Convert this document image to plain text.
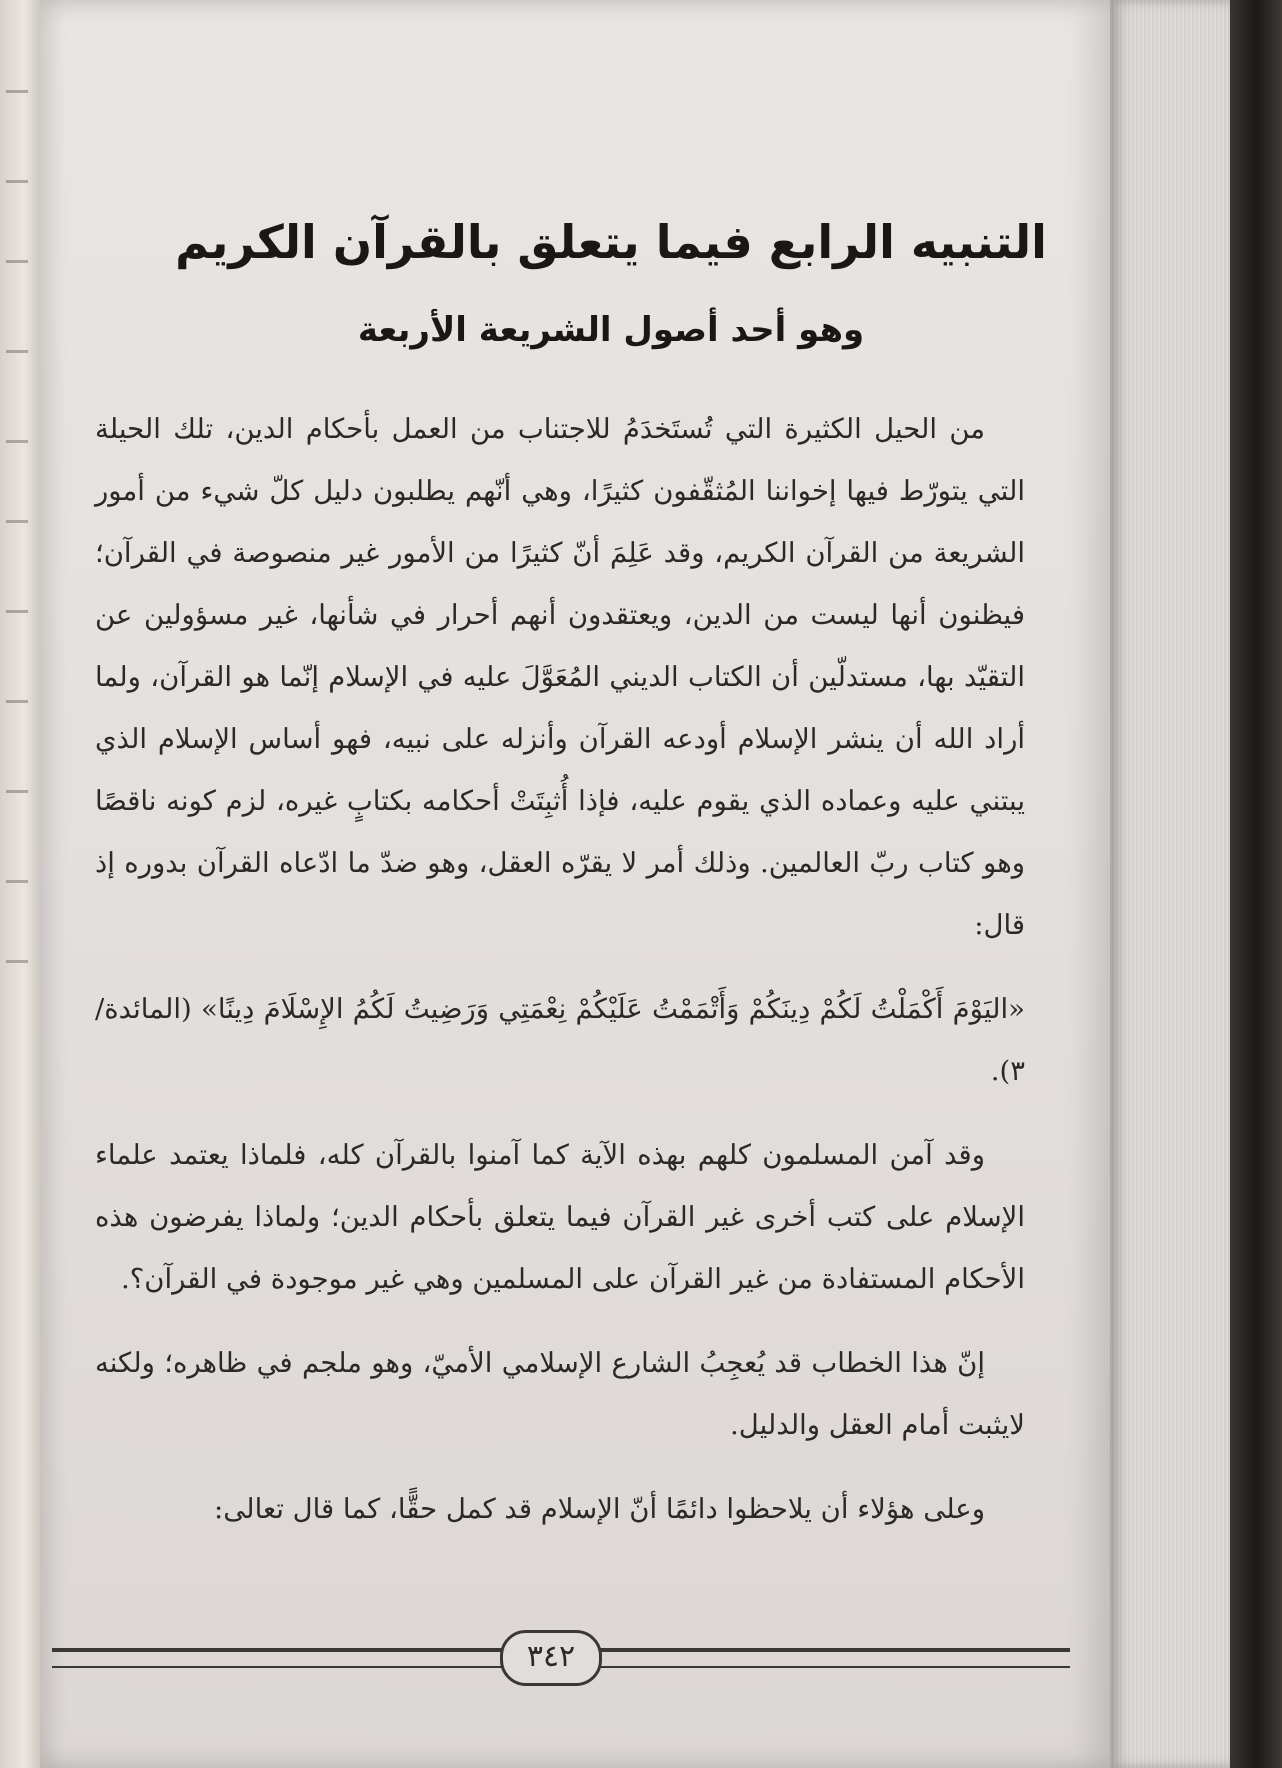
التنبيه الرابع فيما يتعلق بالقرآن الكريم
وهو أحد أصول الشريعة الأربعة

من الحيل الكثيرة التي تُستَخدَمُ للاجتناب من العمل بأحكام الدين، تلك الحيلة التي يتورّط فيها إخواننا المُثقّفون كثيرًا، وهي أنّهم يطلبون دليل كلّ شيء من أمور الشريعة من القرآن الكريم، وقد عَلِمَ أنّ كثيرًا من الأمور غير منصوصة في القرآن؛ فيظنون أنها ليست من الدين، ويعتقدون أنهم أحرار في شأنها، غير مسؤولين عن التقيّد بها، مستدلّين أن الكتاب الديني المُعَوَّلَ عليه في الإسلام إنّما هو القرآن، ولما أراد الله أن ينشر الإسلام أودعه القرآن وأنزله على نبيه، فهو أساس الإسلام الذي يبتني عليه وعماده الذي يقوم عليه، فإذا أُثبِتَتْ أحكامه بكتابٍ غيره، لزم كونه ناقصًا وهو كتاب ربّ العالمين. وذلك أمر لا يقرّه العقل، وهو ضدّ ما ادّعاه القرآن بدوره إذ قال:

«اليَوْمَ أَكْمَلْتُ لَكُمْ دِينَكُمْ وَأَتْمَمْتُ عَلَيْكُمْ نِعْمَتِي وَرَضِيتُ لَكُمُ الإِسْلَامَ دِينًا» (المائدة/٣).

وقد آمن المسلمون كلهم بهذه الآية كما آمنوا بالقرآن كله، فلماذا يعتمد علماء الإسلام على كتب أخرى غير القرآن فيما يتعلق بأحكام الدين؛ ولماذا يفرضون هذه الأحكام المستفادة من غير القرآن على المسلمين وهي غير موجودة في القرآن؟.

إنّ هذا الخطاب قد يُعجِبُ الشارع الإسلامي الأميّ، وهو ملجم في ظاهره؛ ولكنه لايثبت أمام العقل والدليل.

وعلى هؤلاء أن يلاحظوا دائمًا أنّ الإسلام قد كمل حقًّا، كما قال تعالى:

٣٤٢
